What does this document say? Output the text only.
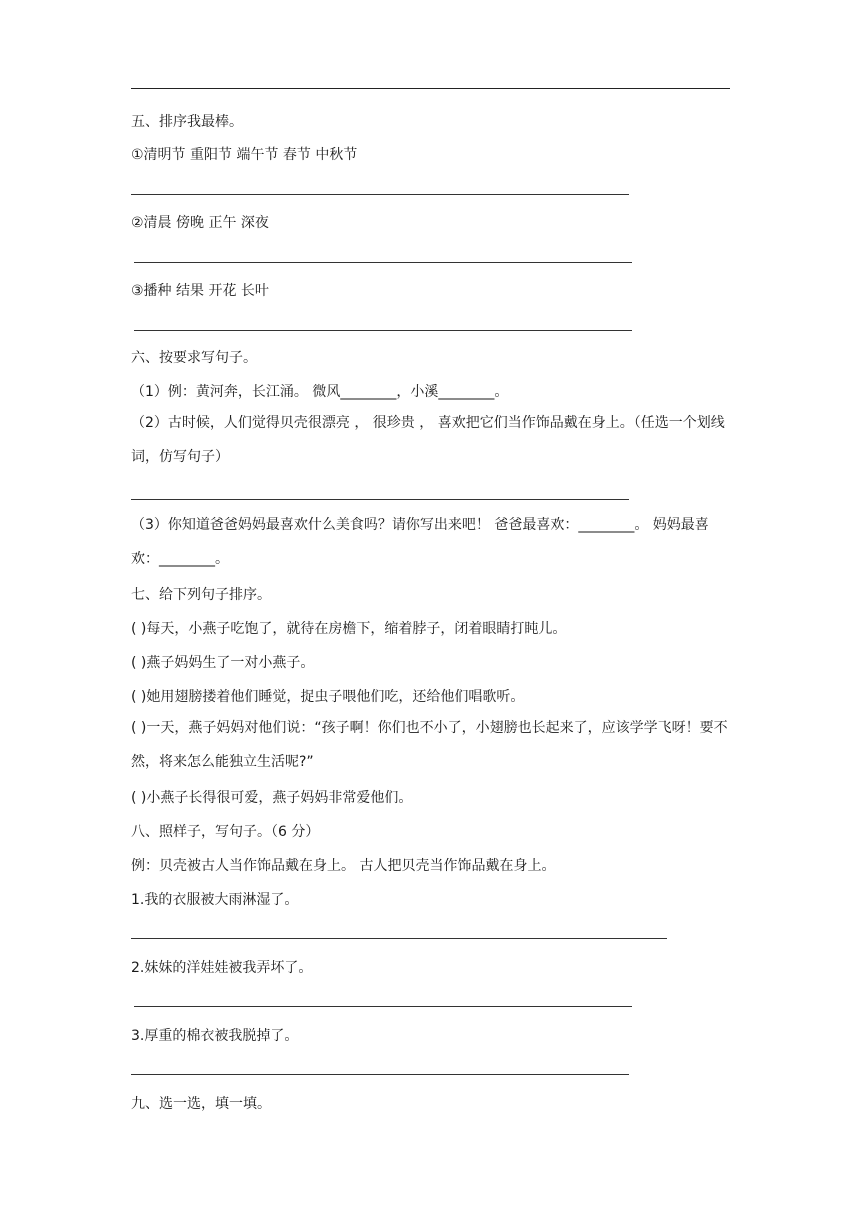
五、排序我最棒。
①清明节 重阳节 端午节 春节 中秋节
②清晨 傍晚 正午 深夜
③播种 结果 开花 长叶
六、按要求写句子。
（1）例：黄河奔，长江涌。 微风________，小溪________。
（2）古时候，人们觉得贝壳很漂亮 ， 很珍贵 ， 喜欢把它们当作饰品戴在身上。（任选一个划线词，仿写句子）
（3）你知道爸爸妈妈最喜欢什么美食吗？请你写出来吧！ 爸爸最喜欢：________。 妈妈最喜欢：________。
七、给下列句子排序。
( )每天，小燕子吃饱了，就待在房檐下，缩着脖子，闭着眼睛打盹儿。
( )燕子妈妈生了一对小燕子。
( )她用翅膀搂着他们睡觉，捉虫子喂他们吃，还给他们唱歌听。
( )一天，燕子妈妈对他们说：“孩子啊！你们也不小了，小翅膀也长起来了，应该学学飞呀！要不然，将来怎么能独立生活呢?”
( )小燕子长得很可爱，燕子妈妈非常爱他们。
八、照样子，写句子。（6 分）
例：贝壳被古人当作饰品戴在身上。 古人把贝壳当作饰品戴在身上。
1.我的衣服被大雨淋湿了。
2.妹妹的洋娃娃被我弄坏了。
3.厚重的棉衣被我脱掉了。
九、选一选，填一填。
